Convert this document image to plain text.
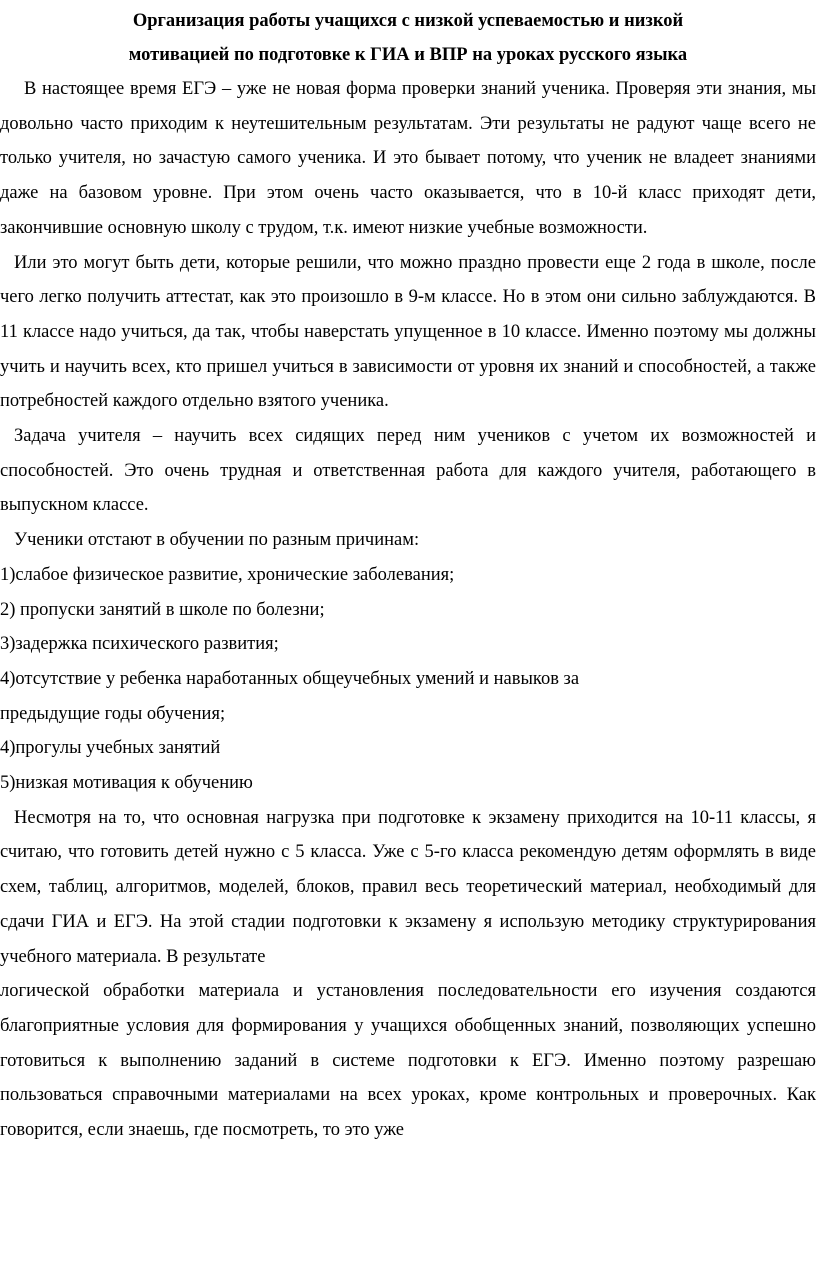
Организация работы учащихся с низкой успеваемостью и низкой
мотивацией по подготовке к ГИА и ВПР на уроках русского языка

В настоящее время ЕГЭ – уже не новая форма проверки знаний ученика. Проверяя эти знания, мы довольно часто приходим к неутешительным результатам. Эти результаты не радуют чаще всего не только учителя, но зачастую самого ученика. И это бывает потому, что ученик не владеет знаниями даже на базовом уровне. При этом очень часто оказывается, что в 10-й класс приходят дети, закончившие основную школу с трудом, т.к. имеют низкие учебные возможности.

Или это могут быть дети, которые решили, что можно праздно провести еще 2 года в школе, после чего легко получить аттестат, как это произошло в 9-м классе. Но в этом они сильно заблуждаются. В 11 классе надо учиться, да так, чтобы наверстать упущенное в 10 классе. Именно поэтому мы должны учить и научить всех, кто пришел учиться в зависимости от уровня их знаний и способностей, а также потребностей каждого отдельно взятого ученика.

Задача учителя – научить всех сидящих перед ним учеников с учетом их возможностей и способностей. Это очень трудная и ответственная работа для каждого учителя, работающего в выпускном классе.

Ученики отстают в обучении по разным причинам:

1)слабое физическое развитие, хронические заболевания;

2) пропуски занятий в школе по болезни;

3)задержка психического развития;

4)отсутствие у ребенка наработанных общеучебных умений и навыков за

предыдущие годы обучения;

4)прогулы учебных занятий

5)низкая мотивация к обучению

Несмотря на то, что основная нагрузка при подготовке к экзамену приходится на 10-11 классы, я считаю, что готовить детей нужно с 5 класса. Уже с 5-го класса рекомендую детям оформлять в виде схем, таблиц, алгоритмов, моделей, блоков, правил весь теоретический материал, необходимый для сдачи ГИА и ЕГЭ. На этой стадии подготовки к экзамену я использую методику структурирования учебного материала. В результате

логической обработки материала и установления последовательности его изучения создаются благоприятные условия для формирования у учащихся обобщенных знаний, позволяющих успешно готовиться к выполнению заданий в системе подготовки к ЕГЭ. Именно поэтому разрешаю пользоваться справочными материалами на всех уроках, кроме контрольных и проверочных. Как говорится, если знаешь, где посмотреть, то это уже
